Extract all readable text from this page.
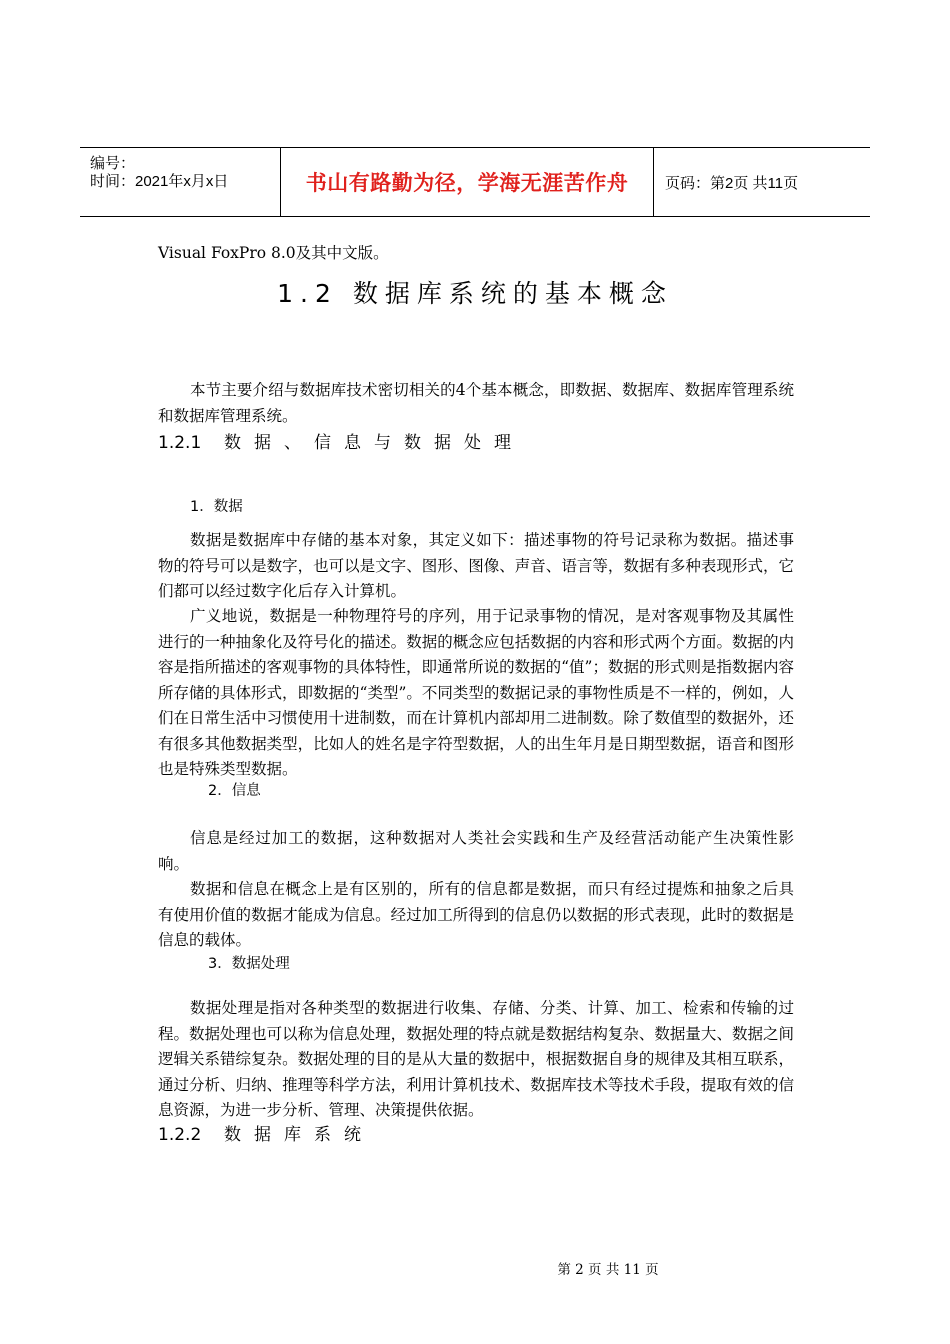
编号：
时间：2021年x月x日	书山有路勤为径，学海无涯苦作舟 页码：第2页 共11页

Visual FoxPro 8.0及其中文版。

1.2 数据库系统的基本概念

本节主要介绍与数据库技术密切相关的4个基本概念，即数据、数据库、数据库管理系统和数据库管理系统。

1.2.1 数据、信息与数据处理
1．数据

数据是数据库中存储的基本对象，其定义如下：描述事物的符号记录称为数据。描述事物的符号可以是数字，也可以是文字、图形、图像、声音、语言等，数据有多种表现形式，它们都可以经过数字化后存入计算机。

广义地说，数据是一种物理符号的序列，用于记录事物的情况，是对客观事物及其属性进行的一种抽象化及符号化的描述。数据的概念应包括数据的内容和形式两个方面。数据的内容是指所描述的客观事物的具体特性，即通常所说的数据的“值”；数据的形式则是指数据内容所存储的具体形式，即数据的“类型”。不同类型的数据记录的事物性质是不一样的，例如，人们在日常生活中习惯使用十进制数，而在计算机内部却用二进制数。除了数值型的数据外，还有很多其他数据类型，比如人的姓名是字符型数据，人的出生年月是日期型数据，语音和图形也是特殊类型数据。

2．信息

信息是经过加工的数据，这种数据对人类社会实践和生产及经营活动能产生决策性影响。

数据和信息在概念上是有区别的，所有的信息都是数据，而只有经过提炼和抽象之后具有使用价值的数据才能成为信息。经过加工所得到的信息仍以数据的形式表现，此时的数据是信息的载体。

3．数据处理

数据处理是指对各种类型的数据进行收集、存储、分类、计算、加工、检索和传输的过程。数据处理也可以称为信息处理，数据处理的特点就是数据结构复杂、数据量大、数据之间逻辑关系错综复杂。数据处理的目的是从大量的数据中，根据数据自身的规律及其相互联系，通过分析、归纳、推理等科学方法，利用计算机技术、数据库技术等技术手段，提取有效的信息资源，为进一步分析、管理、决策提供依据。

1.2.2 数据库系统
第 2 页 共 11 页
